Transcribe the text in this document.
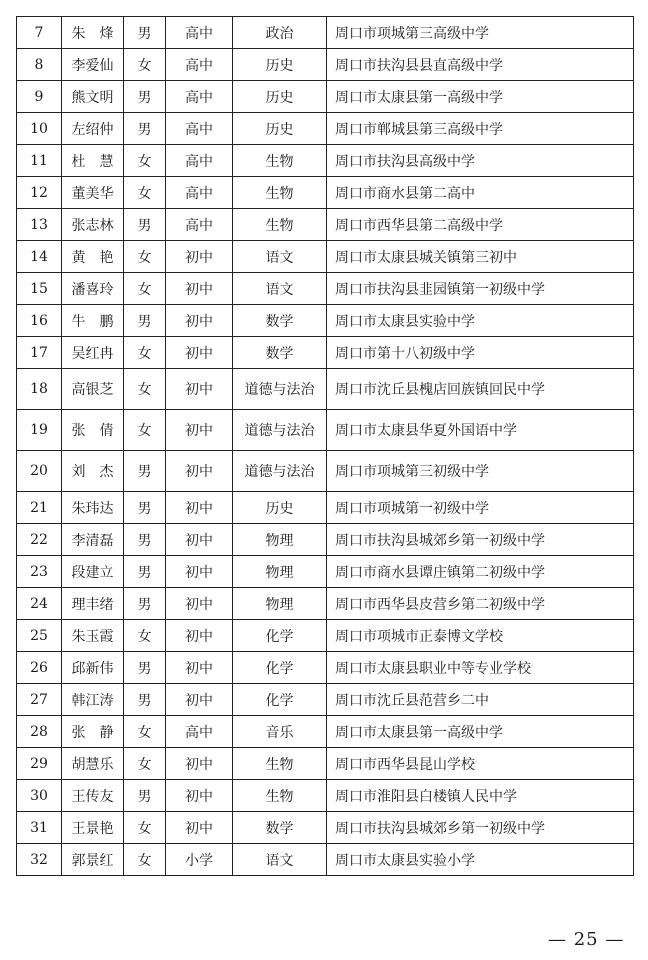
7	朱　烽	男	高中	政治	周口市项城第三高级中学
8	李爱仙	女	高中	历史	周口市扶沟县县直高级中学
9	熊文明	男	高中	历史	周口市太康县第一高级中学
10	左绍仲	男	高中	历史	周口市郸城县第三高级中学
11	杜　慧	女	高中	生物	周口市扶沟县高级中学
12	董美华	女	高中	生物	周口市商水县第二高中
13	张志林	男	高中	生物	周口市西华县第二高级中学
14	黄　艳	女	初中	语文	周口市太康县城关镇第三初中
15	潘喜玲	女	初中	语文	周口市扶沟县韭园镇第一初级中学
16	牛　鹏	男	初中	数学	周口市太康县实验中学
17	吴红冉	女	初中	数学	周口市第十八初级中学
18	高银芝	女	初中	道德与法治	周口市沈丘县槐店回族镇回民中学
19	张　倩	女	初中	道德与法治	周口市太康县华夏外国语中学
20	刘　杰	男	初中	道德与法治	周口市项城第三初级中学
21	朱玮达	男	初中	历史	周口市项城第一初级中学
22	李清磊	男	初中	物理	周口市扶沟县城郊乡第一初级中学
23	段建立	男	初中	物理	周口市商水县谭庄镇第二初级中学
24	理丰绪	男	初中	物理	周口市西华县皮营乡第二初级中学
25	朱玉霞	女	初中	化学	周口市项城市正泰博文学校
26	邱新伟	男	初中	化学	周口市太康县职业中等专业学校
27	韩江涛	男	初中	化学	周口市沈丘县范营乡二中
28	张　静	女	高中	音乐	周口市太康县第一高级中学
29	胡慧乐	女	初中	生物	周口市西华县昆山学校
30	王传友	男	初中	生物	周口市淮阳县白楼镇人民中学
31	王景艳	女	初中	数学	周口市扶沟县城郊乡第一初级中学
32	郭景红	女	小学	语文	周口市太康县实验小学
— 25 —
